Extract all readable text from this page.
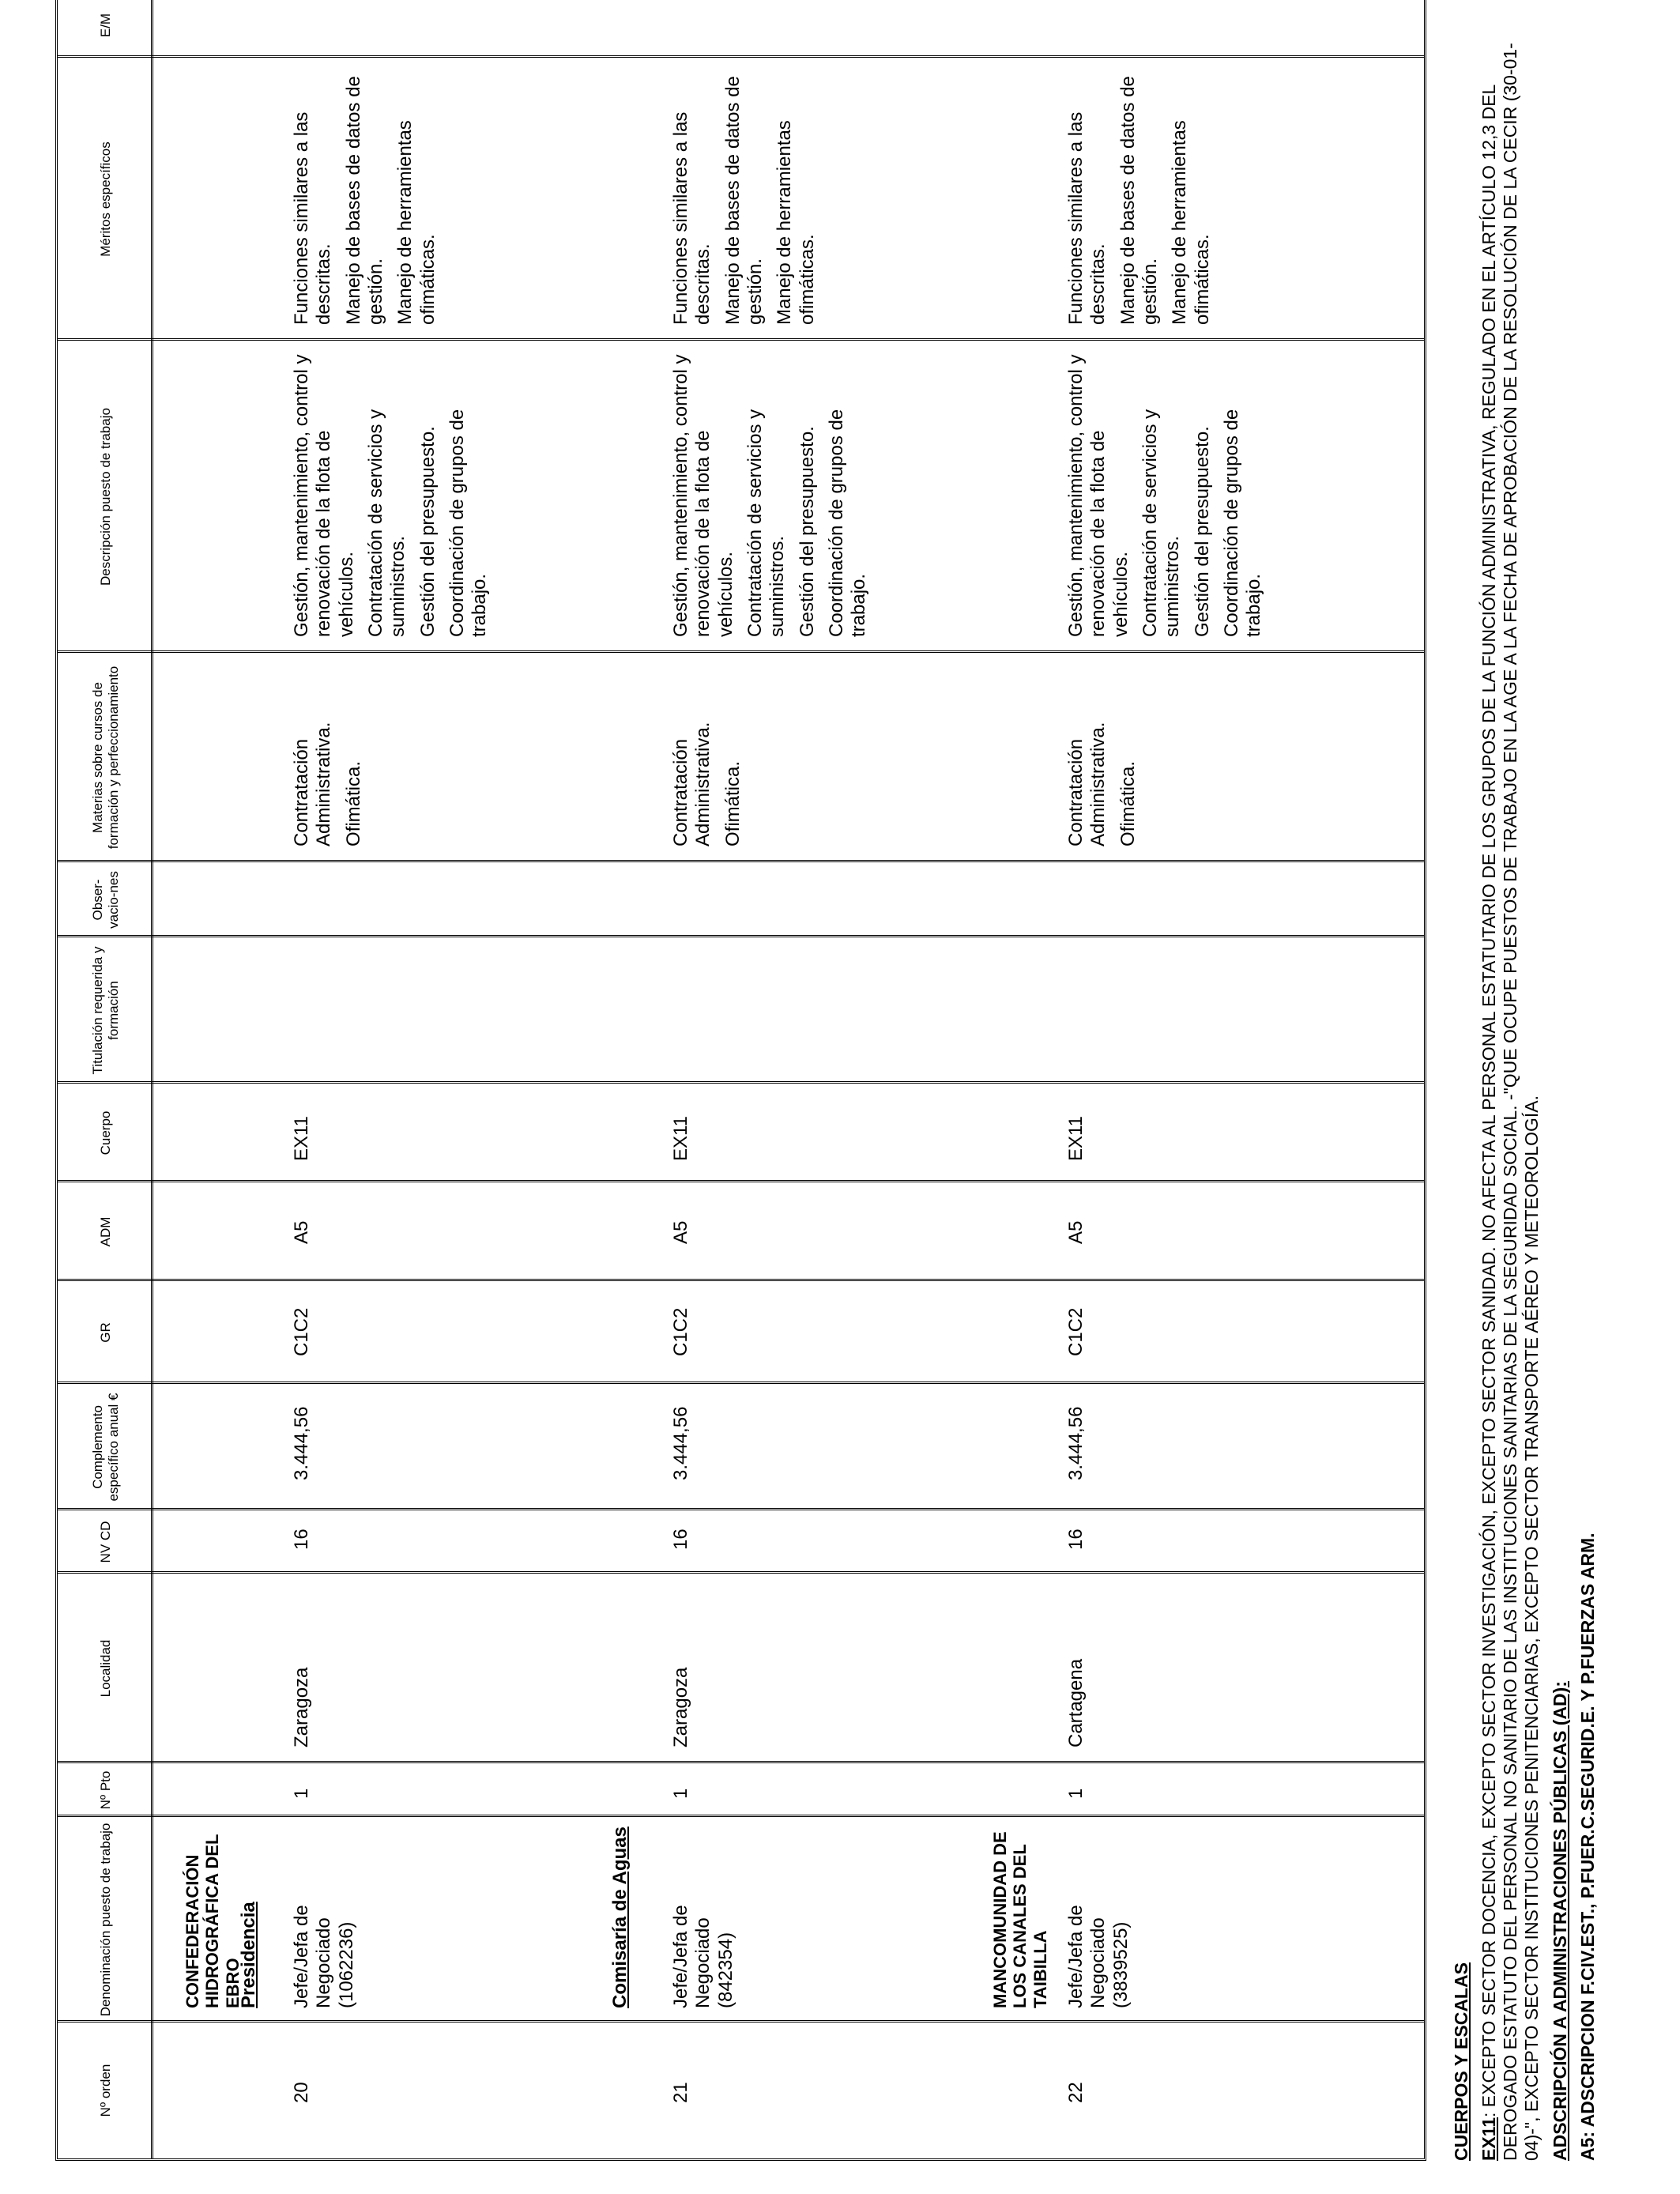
Nº orden
Denominación puesto de trabajo
Nº Pto
Localidad
NV CD
Complemento específico anual €
GR
ADM
Cuerpo
Titulación requerida y formación
Obser-vacio-nes
Materias sobre cursos de formación y perfeccionamiento
Descripción puesto de trabajo
Méritos específicos
E/M
CONFEDERACIÓN HIDROGRÁFICA DEL EBRO
Presidencia
20
Jefe/Jefa de Negociado (1062236)
1
Zaragoza
16
3.444,56
C1C2
A5
EX11
Contratación Administrativa. Ofimática.
Gestión, mantenimiento, control y renovación de la flota de vehículos. Contratación de servicios y suministros. Gestión del presupuesto. Coordinación de grupos de trabajo.
Funciones similares a las descritas. Manejo de bases de datos de gestión. Manejo de herramientas ofimáticas.
Comisaría de Aguas
21
Jefe/Jefa de Negociado (842354)
1
Zaragoza
16
3.444,56
C1C2
A5
EX11
Contratación Administrativa. Ofimática.
Gestión, mantenimiento, control y renovación de la flota de vehículos. Contratación de servicios y suministros. Gestión del presupuesto. Coordinación de grupos de trabajo.
Funciones similares a las descritas. Manejo de bases de datos de gestión. Manejo de herramientas ofimáticas.
MANCOMUNIDAD DE LOS CANALES DEL TAIBILLA
22
Jefe/Jefa de Negociado (3839525)
1
Cartagena
16
3.444,56
C1C2
A5
EX11
Contratación Administrativa. Ofimática.
Gestión, mantenimiento, control y renovación de la flota de vehículos. Contratación de servicios y suministros. Gestión del presupuesto. Coordinación de grupos de trabajo.
Funciones similares a las descritas. Manejo de bases de datos de gestión. Manejo de herramientas ofimáticas.
CUERPOS Y ESCALAS EX11: EXCEPTO SECTOR DOCENCIA, EXCEPTO SECTOR INVESTIGACIÓN, EXCEPTO SECTOR SANIDAD. NO AFECTA AL PERSONAL ESTATUTARIO DE LOS GRUPOS DE LA FUNCIÓN ADMINISTRATIVA, REGULADO EN EL ARTÍCULO 12,3 DEL DEROGADO ESTATUTO DEL PERSONAL NO SANITARIO DE LAS INSTITUCIONES SANITARIAS DE LA SEGURIDAD SOCIAL. -"QUE OCUPE PUESTOS DE TRABAJO EN LA AGE A LA FECHA DE APROBACIÓN DE LA RESOLUCIÓN DE LA CECIR (30-01-04)-", EXCEPTO SECTOR INSTITUCIONES PENITENCIARIAS, EXCEPTO SECTOR TRANSPORTE AÉREO Y METEOROLOGÍA. ADSCRIPCIÓN A ADMINISTRACIONES PÚBLICAS (AD): A5: ADSCRIPCION F.CIV.EST., P.FUER.C.SEGURID.E. Y P.FUERZAS ARM.
